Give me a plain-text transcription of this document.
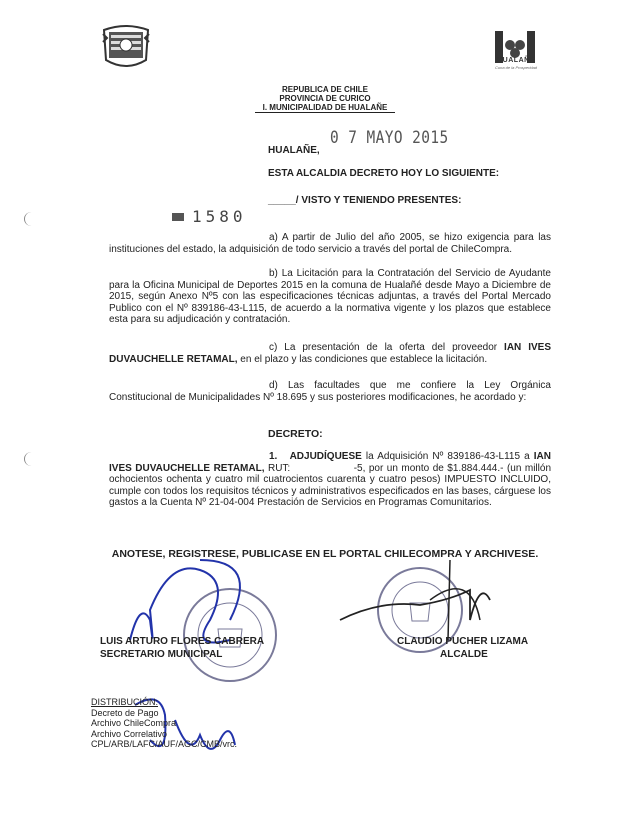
HUALAÑE
Cuna de la Prosperidad
REPUBLICA DE CHILE
PROVINCIA DE CURICO
I. MUNICIPALIDAD DE HUALAÑE
HUALAÑE,
0 7 MAYO 2015
ESTA ALCALDIA DECRETO HOY LO SIGUIENTE:
1580
_____/ VISTO Y TENIENDO PRESENTES:
a) A partir de Julio del año 2005, se hizo exigencia para las instituciones del estado, la adquisición de todo servicio a través del portal de ChileCompra.
b) La Licitación para la Contratación del Servicio de Ayudante para la Oficina Municipal de Deportes 2015 en la comuna de Hualañé desde Mayo a Diciembre de 2015, según Anexo Nº5 con las especificaciones técnicas adjuntas, a través del Portal Mercado Publico con el Nº 839186-43-L115, de acuerdo a la normativa vigente y los plazos que establece esta para su adjudicación y contratación.
c) La presentación de la oferta del proveedor IAN IVES DUVAUCHELLE RETAMAL, en el plazo y las condiciones que establece la licitación.
d) Las facultades que me confiere la Ley Orgánica Constitucional de Municipalidades Nº 18.695 y sus posteriores modificaciones, he acordado y:
DECRETO:
1. ADJUDÍQUESE la Adquisición Nº 839186-43-L115 a IAN IVES DUVAUCHELLE RETAMAL, RUT:	-5, por un monto de $1.884.444.- (un millón ochocientos ochenta y cuatro mil cuatrocientos cuarenta y cuatro pesos) IMPUESTO INCLUIDO, cumple con todos los requisitos técnicos y administrativos especificados en las bases, cárguese los gastos a la Cuenta Nº 21-04-004 Prestación de Servicios en Programas Comunitarios.

ANOTESE, REGISTRESE, PUBLICASE EN EL PORTAL CHILECOMPRA Y ARCHIVESE.
LUIS ARTURO FLORES CABRERA
SECRETARIO MUNICIPAL
CLAUDIO PUCHER LIZAMA
ALCALDE
DISTRIBUCIÓN:
Decreto de Pago
Archivo ChileCompra
Archivo Correlativo
CPL/ARB/LAFC/AUF/AGC/CMB/vrc.
